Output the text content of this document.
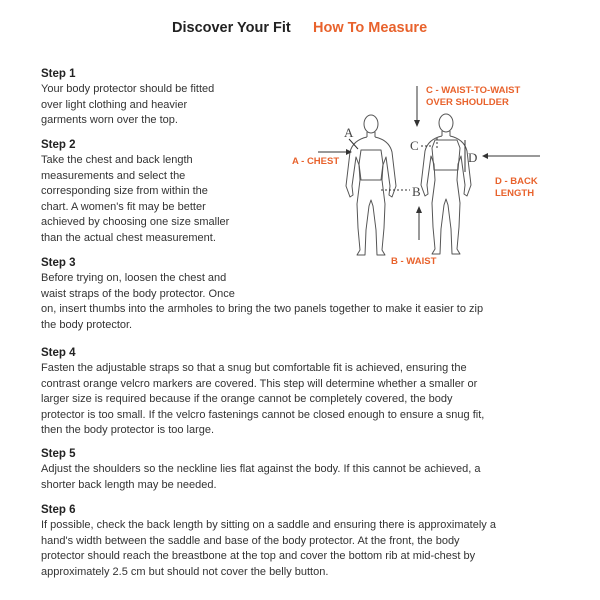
Discover Your Fit How To Measure
Step 1
Your body protector should be fitted
over light clothing and heavier
garments worn over the top.
Step 2
Take the chest and back length
measurements and select the
corresponding size from within the
chart. A women's fit may be better
achieved by choosing one size smaller
than the actual chest measurement.
Step 3
Before trying on, loosen the chest and
waist straps of the body protector. Once
on, insert thumbs into the armholes to bring the two panels together to make it easier to zip
the body protector.
Step 4
Fasten the adjustable straps so that a snug but comfortable fit is achieved, ensuring the
contrast orange velcro markers are covered. This step will determine whether a smaller or
larger size is required because if the orange cannot be completely covered, the body
protector is too small. If the velcro fastenings cannot be closed enough to ensure a snug fit,
then the body protector is too large.
Step 5
Adjust the shoulders so the neckline lies flat against the body. If this cannot be achieved, a
shorter back length may be needed.
Step 6
If possible, check the back length by sitting on a saddle and ensuring there is approximately a
hand's width between the saddle and base of the body protector. At the front, the body
protector should reach the breastbone at the top and cover the bottom rib at mid-chest by
approximately 2.5 cm but should not cover the belly button.
A
A - CHEST
C
C - WAIST-TO-WAIST
OVER SHOULDER
D
D - BACK
LENGTH
B
B - WAIST
